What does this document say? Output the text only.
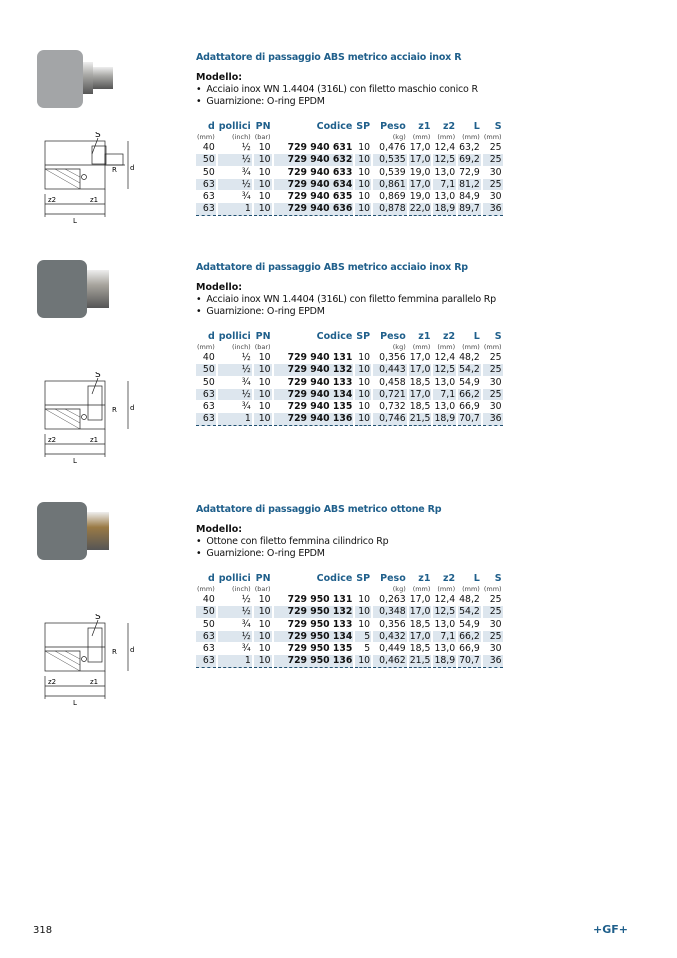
Adattatore di passaggio ABS metrico acciaio inox R
Modello:
• Acciaio inox WN 1.4404 (316L) con filetto maschio conico R
• Guarnizione: O-ring EPDM
d	pollici	PN	Codice	SP	Peso	z1	z2	L	S
(mm)	(inch)	(bar)			(kg)	(mm)	(mm)	(mm)	(mm)
40	½	10	729 940 631	10	0,476	17,0	12,4	63,2	25
50	½	10	729 940 632	10	0,535	17,0	12,5	69,2	25
50	¾	10	729 940 633	10	0,539	19,0	13,0	72,9	30
63	½	10	729 940 634	10	0,861	17,0	7,1	81,2	25
63	¾	10	729 940 635	10	0,869	19,0	13,0	84,9	30
63	1	10	729 940 636	10	0,878	22,0	18,9	89,7	36
S
d
R
z2	z1
L
Adattatore di passaggio ABS metrico acciaio inox Rp
Modello:
• Acciaio inox WN 1.4404 (316L) con filetto femmina parallelo Rp
• Guarnizione: O-ring EPDM
d	pollici	PN	Codice	SP	Peso	z1	z2	L	S
(mm)	(inch)	(bar)			(kg)	(mm)	(mm)	(mm)	(mm)
40	½	10	729 940 131	10	0,356	17,0	12,4	48,2	25
50	½	10	729 940 132	10	0,443	17,0	12,5	54,2	25
50	¾	10	729 940 133	10	0,458	18,5	13,0	54,9	30
63	½	10	729 940 134	10	0,721	17,0	7,1	66,2	25
63	¾	10	729 940 135	10	0,732	18,5	13,0	66,9	30
63	1	10	729 940 136	10	0,746	21,5	18,9	70,7	36
S
d
R
z2	z1
L
Adattatore di passaggio ABS metrico ottone Rp
Modello:
• Ottone con filetto femmina cilindrico Rp
• Guarnizione: O-ring EPDM
d	pollici	PN	Codice	SP	Peso	z1	z2	L	S
(mm)	(inch)	(bar)			(kg)	(mm)	(mm)	(mm)	(mm)
40	½	10	729 950 131	10	0,263	17,0	12,4	48,2	25
50	½	10	729 950 132	10	0,348	17,0	12,5	54,2	25
50	¾	10	729 950 133	10	0,356	18,5	13,0	54,9	30
63	½	10	729 950 134	5	0,432	17,0	7,1	66,2	25
63	¾	10	729 950 135	5	0,449	18,5	13,0	66,9	30
63	1	10	729 950 136	10	0,462	21,5	18,9	70,7	36
S
d
R
z2	z1
L
318	+GF+
